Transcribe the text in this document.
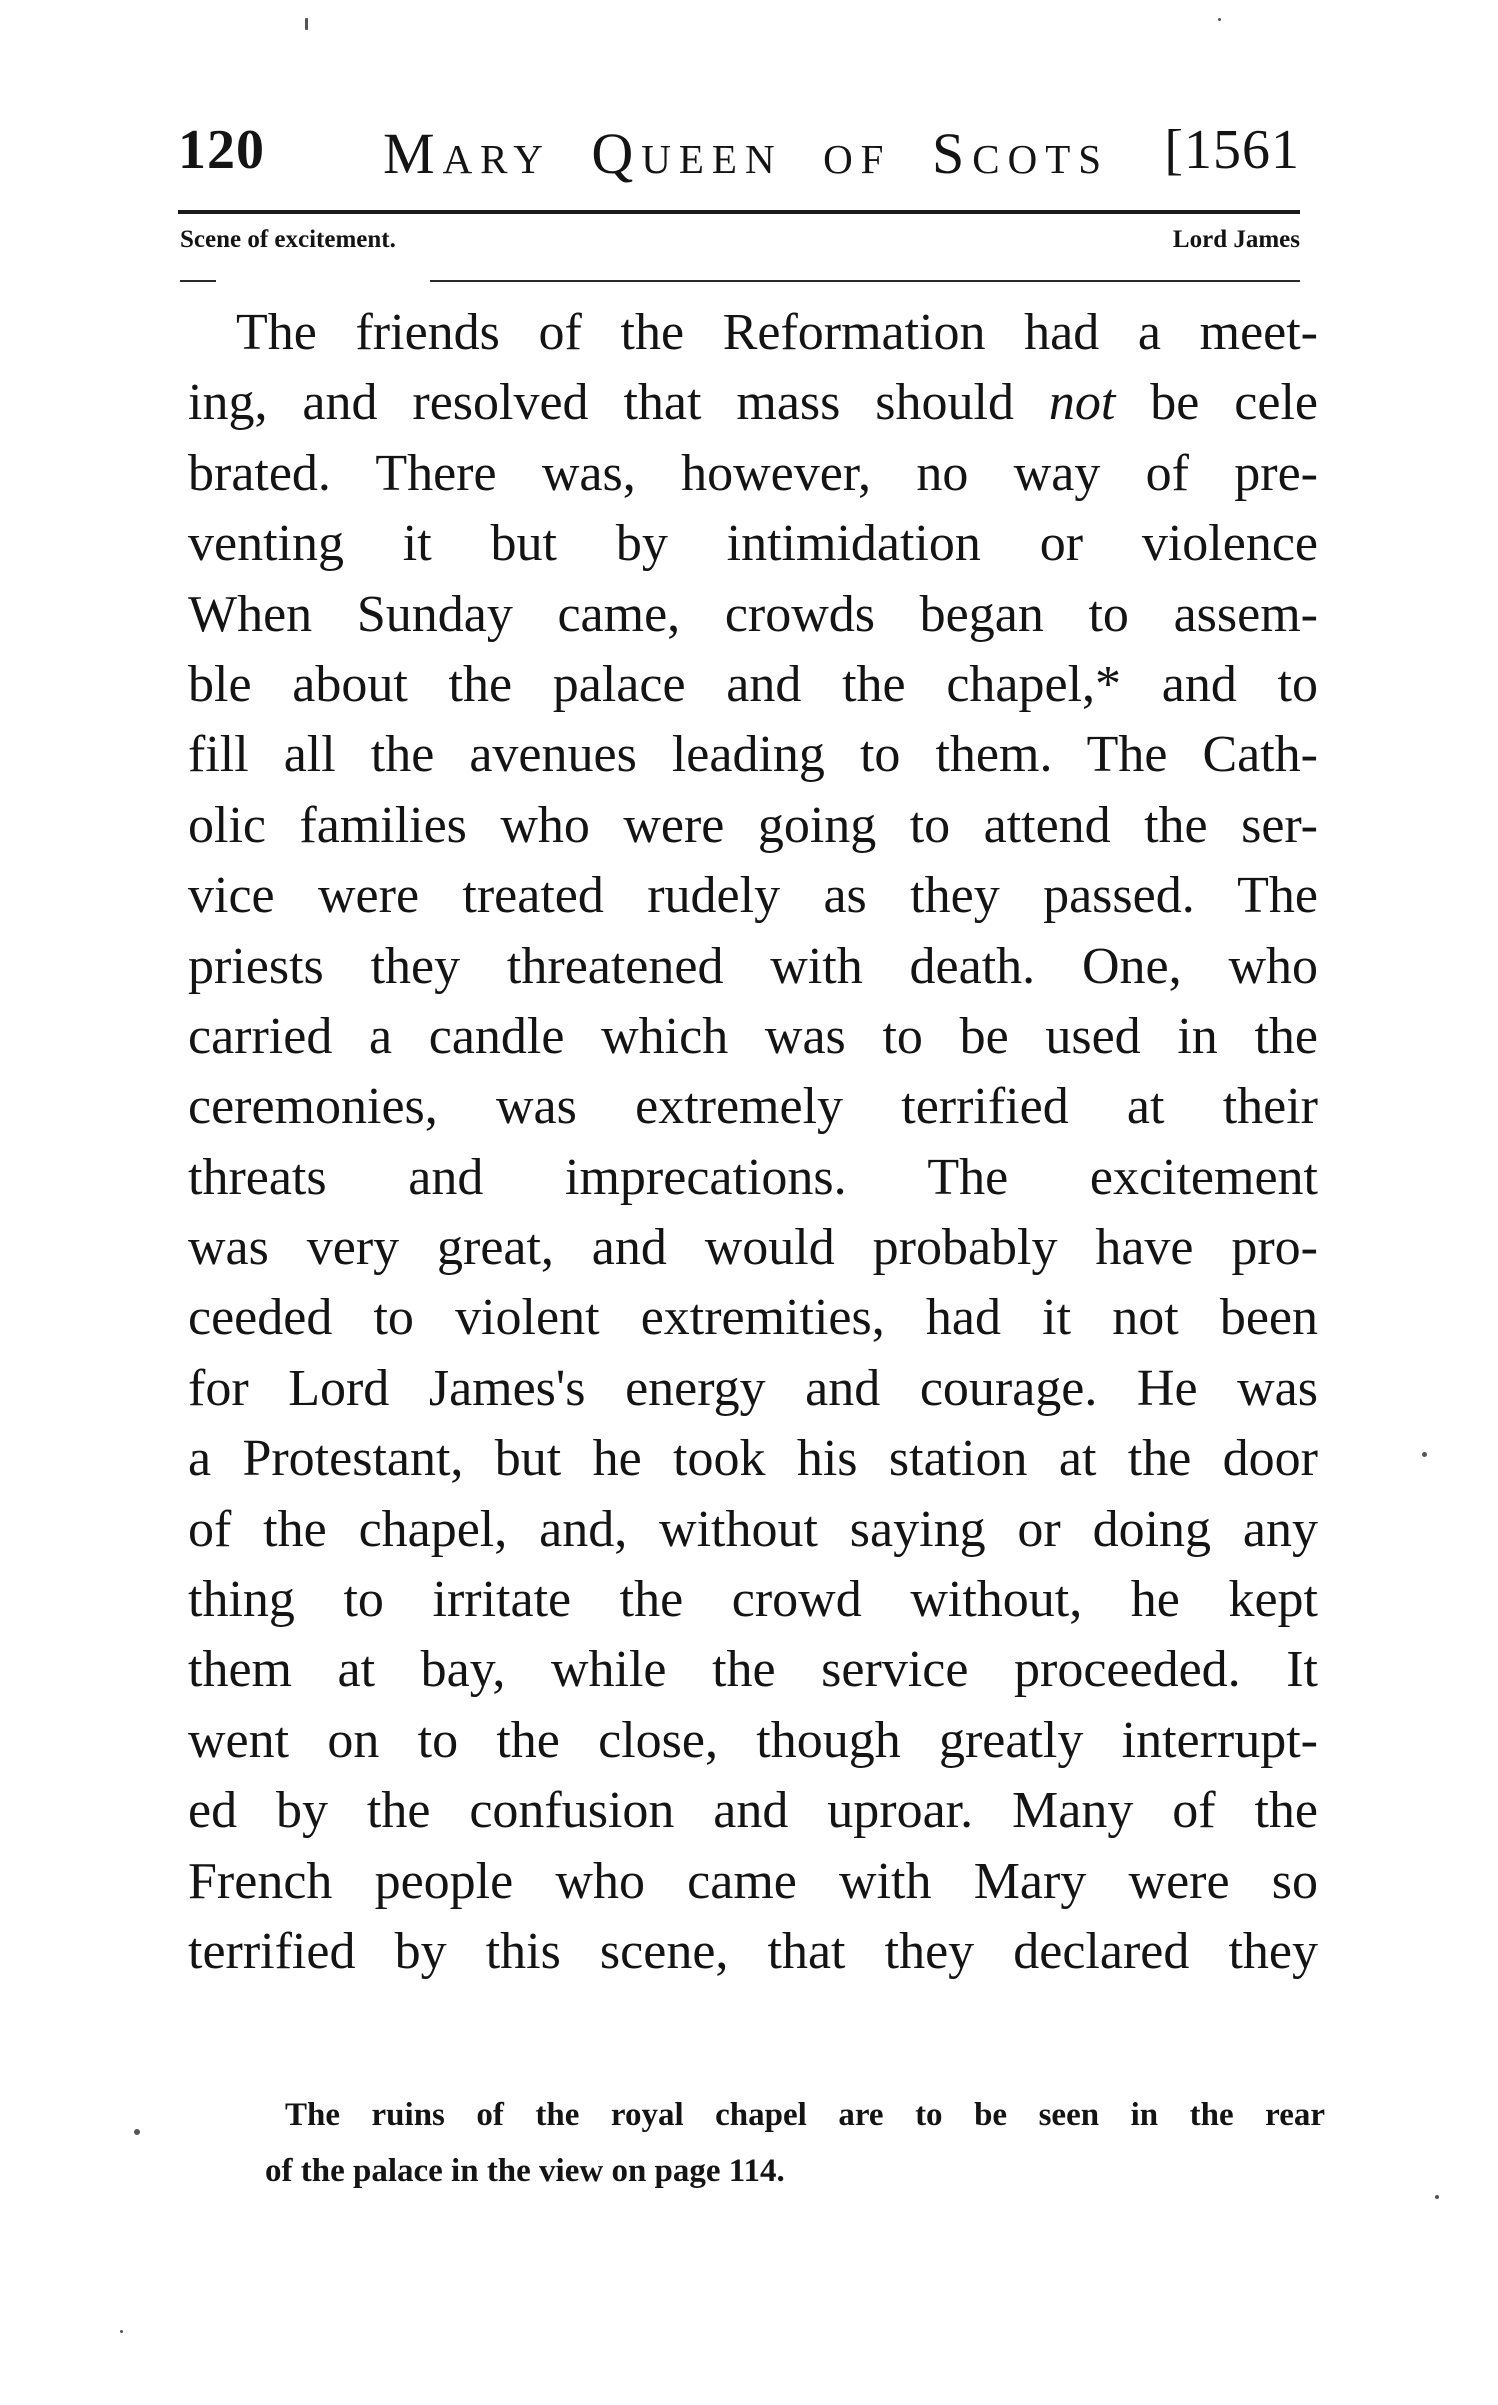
120 Mary Queen of Scots [1561
Scene of excitement.	Lord James
The friends of the Reformation had a meet-
ing, and resolved that mass should not be cele
brated. There was, however, no way of pre-
venting it but by intimidation or violence
When Sunday came, crowds began to assem-
ble about the palace and the chapel,* and to
fill all the avenues leading to them. The Cath-
olic families who were going to attend the ser-
vice were treated rudely as they passed. The
priests they threatened with death. One, who
carried a candle which was to be used in the
ceremonies, was extremely terrified at their
threats and imprecations. The excitement
was very great, and would probably have pro-
ceeded to violent extremities, had it not been
for Lord James's energy and courage. He was
a Protestant, but he took his station at the door
of the chapel, and, without saying or doing any
thing to irritate the crowd without, he kept
them at bay, while the service proceeded. It
went on to the close, though greatly interrupt-
ed by the confusion and uproar. Many of the
French people who came with Mary were so
terrified by this scene, that they declared they
The ruins of the royal chapel are to be seen in the rear
of the palace in the view on page 114.
